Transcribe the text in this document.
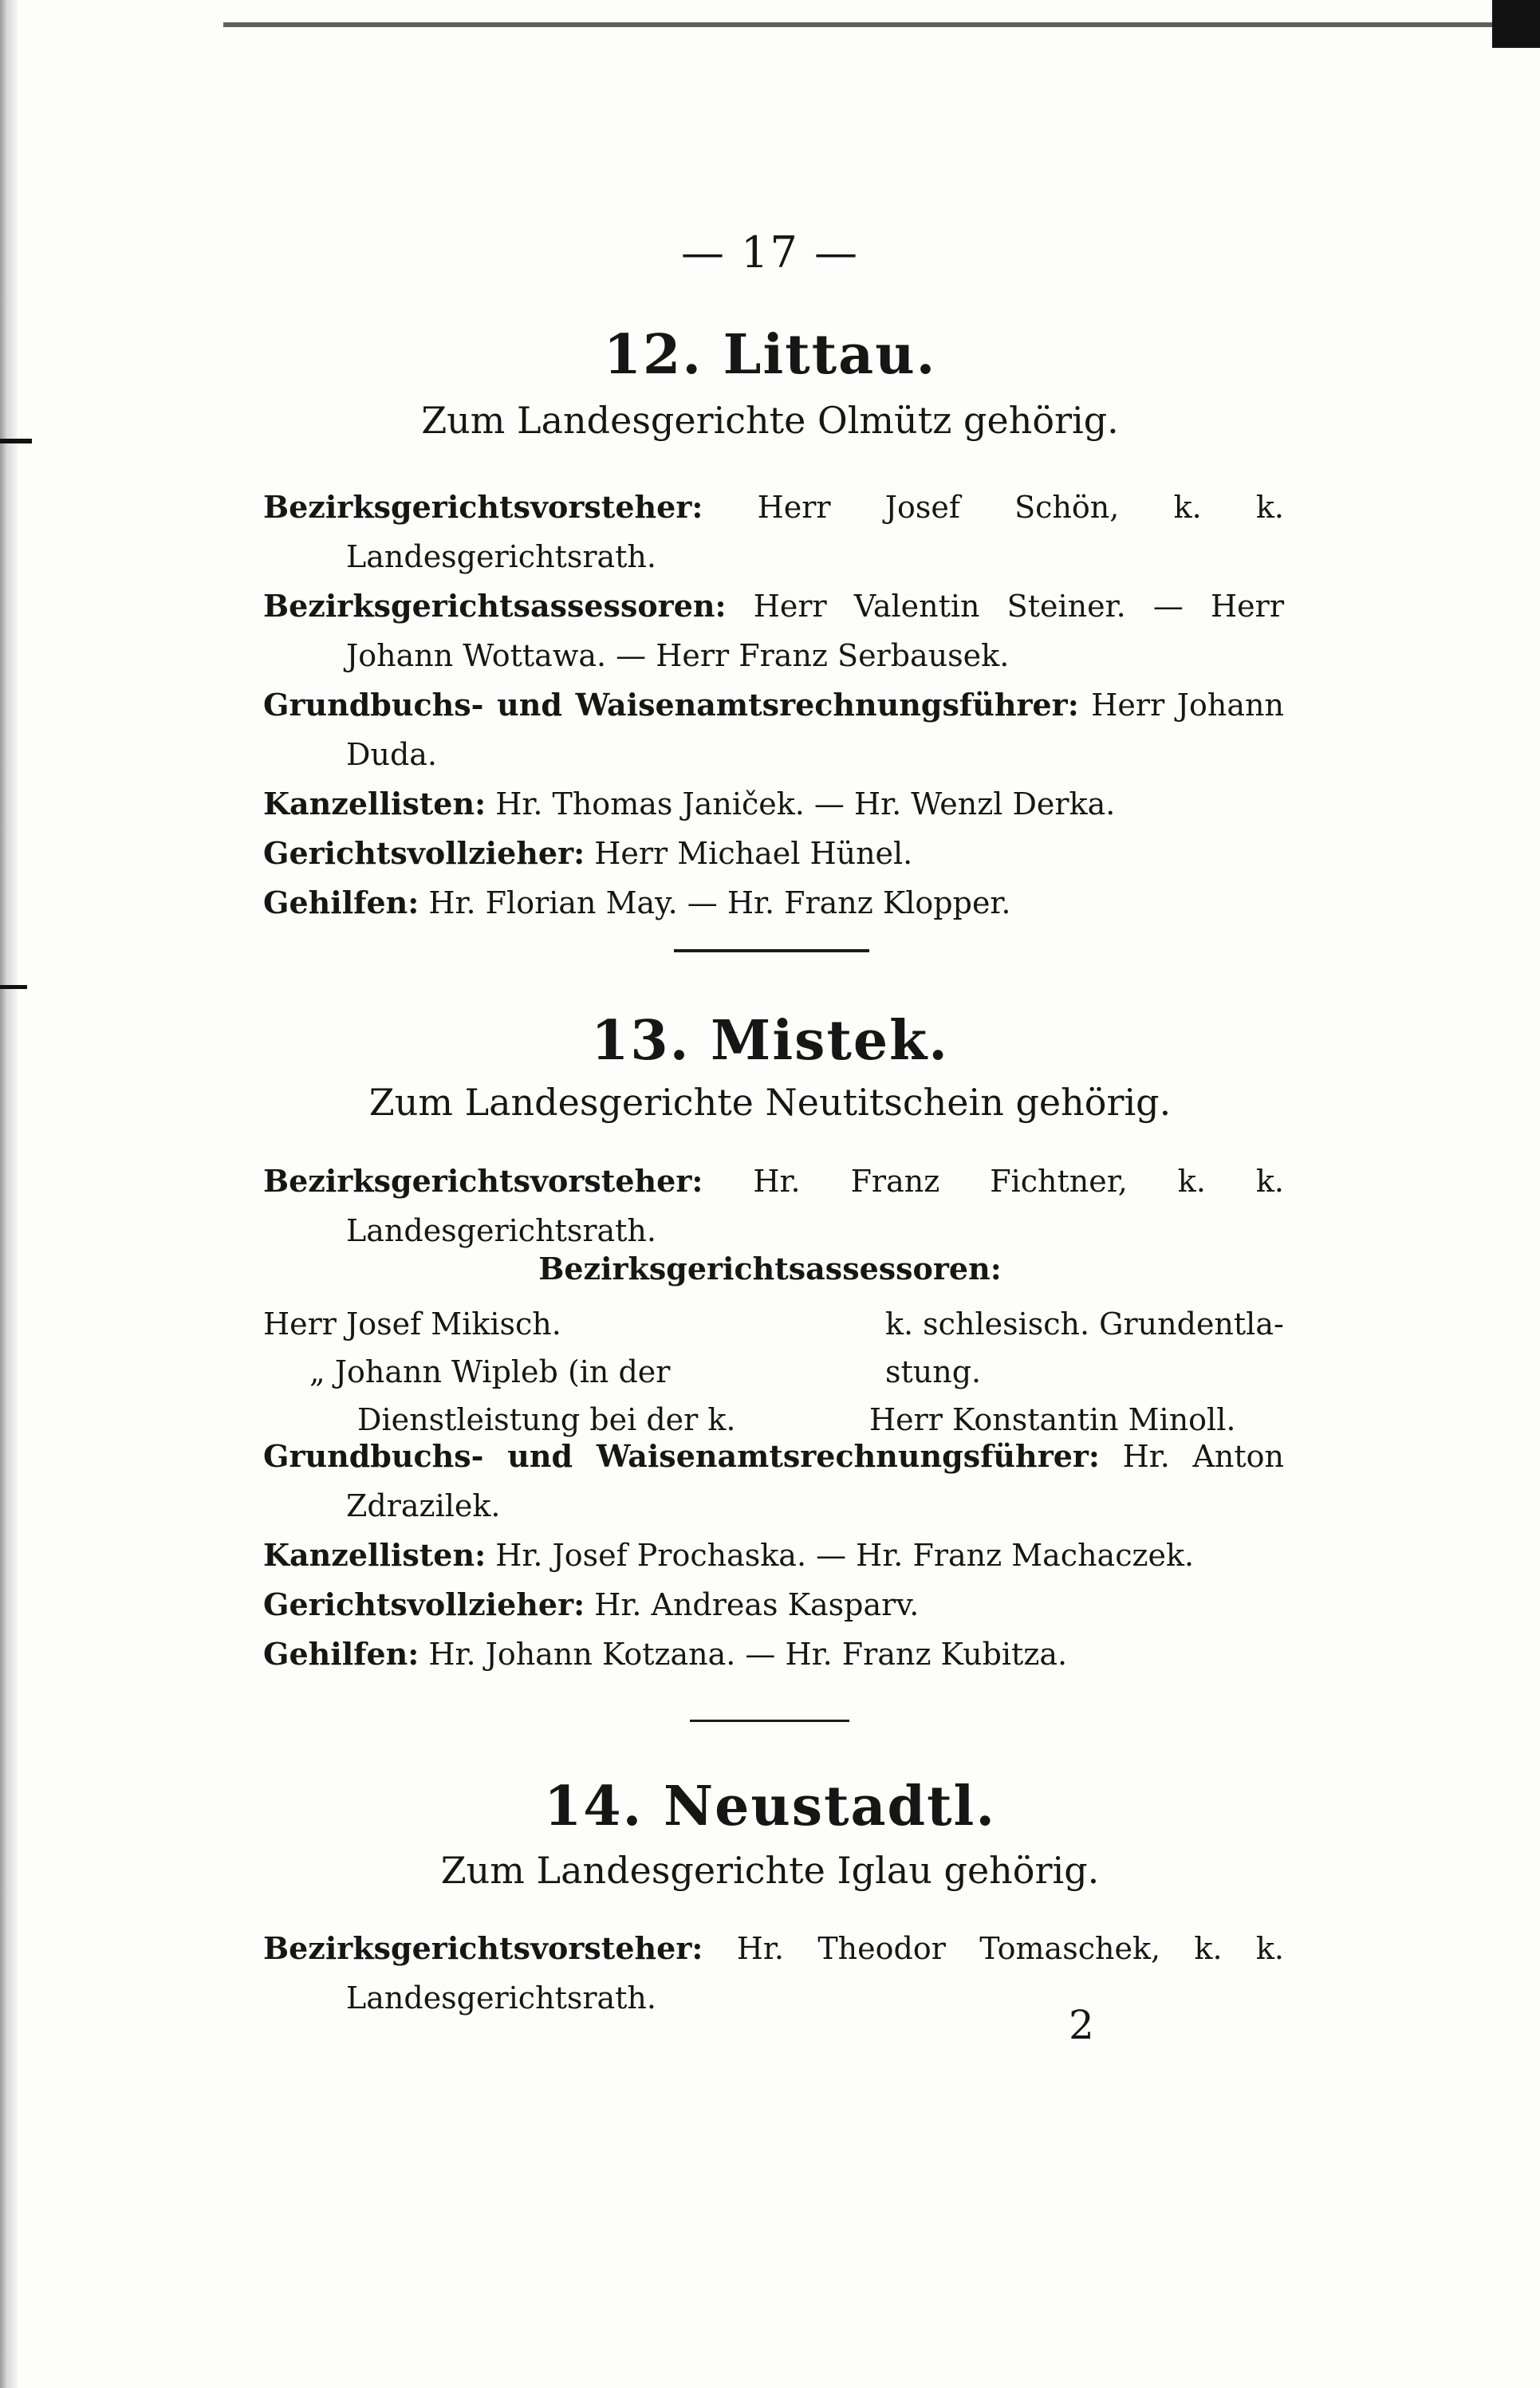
— 17 —
12. Littau.
Zum Landesgerichte Olmütz gehörig.
Bezirksgerichtsvorsteher: Herr Josef Schön, k. k. Landesgerichtsrath.
Bezirksgerichtsassessoren: Herr Valentin Steiner. — Herr Johann Wottawa. — Herr Franz Serbausek.
Grundbuchs- und Waisenamtsrechnungsführer: Herr Johann Duda.
Kanzellisten: Hr. Thomas Janiček. — Hr. Wenzl Derka.
Gerichtsvollzieher: Herr Michael Hünel.
Gehilfen: Hr. Florian May. — Hr. Franz Klopper.
13. Mistek.
Zum Landesgerichte Neutitschein gehörig.
Bezirksgerichtsvorsteher: Hr. Franz Fichtner, k. k. Landesgerichtsrath.
Bezirksgerichtsassessoren:
Herr Josef Mikisch.
„ Johann Wipleb (in der
Dienstleistung bei der k.
k. schlesisch. Grundentla-
stung.
Herr Konstantin Minoll.
Grundbuchs- und Waisenamtsrechnungsführer: Hr. Anton Zdrazilek.
Kanzellisten: Hr. Josef Prochaska. — Hr. Franz Machaczek.
Gerichtsvollzieher: Hr. Andreas Kasparv.
Gehilfen: Hr. Johann Kotzana. — Hr. Franz Kubitza.
14. Neustadtl.
Zum Landesgerichte Iglau gehörig.
Bezirksgerichtsvorsteher: Hr. Theodor Tomaschek, k. k. Landesgerichtsrath.
2
